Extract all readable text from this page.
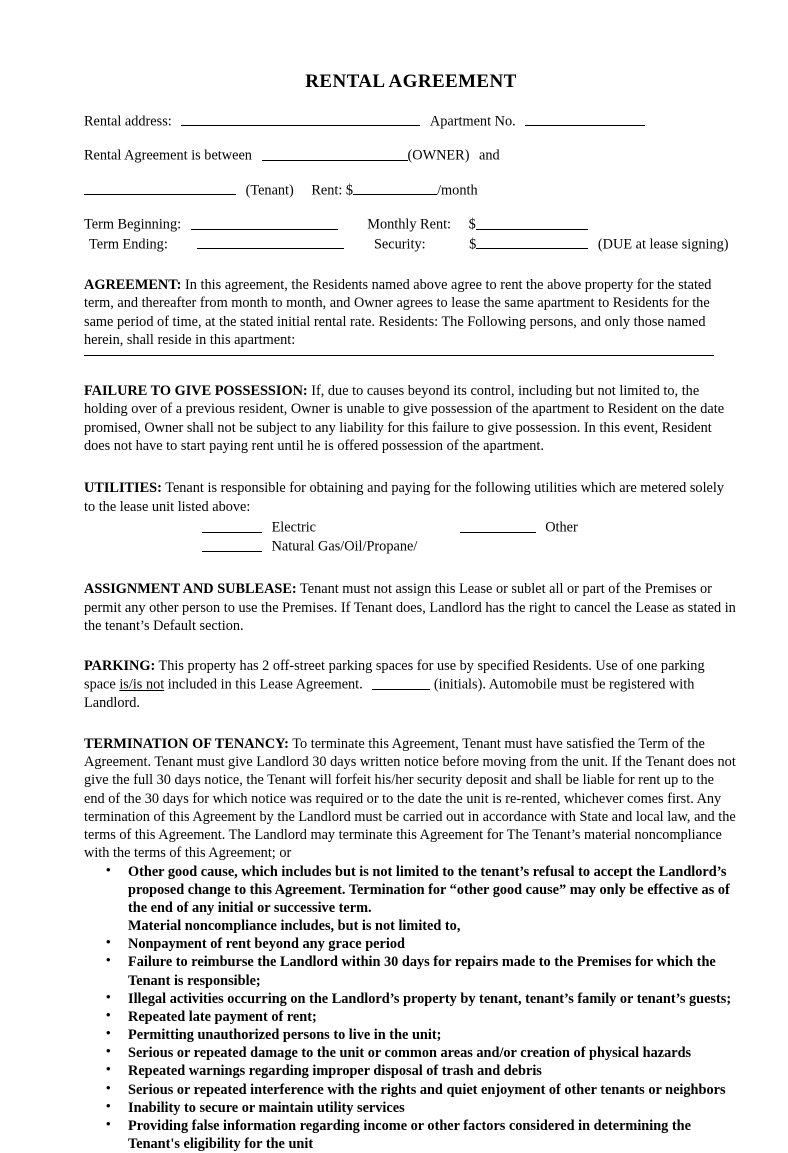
RENTAL AGREEMENT
Rental address:	Apartment No.
Rental Agreement is between	(OWNER) and
(Tenant) Rent: $	/month
Term Beginning:	Monthly Rent: $
Term Ending:	Security:	$	(DUE at lease signing)

AGREEMENT: In this agreement, the Residents named above agree to rent the above property for the stated term, and thereafter from month to month, and Owner agrees to lease the same apartment to Residents for the same period of time, at the stated initial rental rate. Residents: The Following persons, and only those named herein, shall reside in this apartment:

FAILURE TO GIVE POSSESSION: If, due to causes beyond its control, including but not limited to, the holding over of a previous resident, Owner is unable to give possession of the apartment to Resident on the date promised, Owner shall not be subject to any liability for this failure to give possession. In this event, Resident does not have to start paying rent until he is offered possession of the apartment.

UTILITIES: Tenant is responsible for obtaining and paying for the following utilities which are metered solely to the lease unit listed above:

Electric	Other
Natural Gas/Oil/Propane/

ASSIGNMENT AND SUBLEASE: Tenant must not assign this Lease or sublet all or part of the Premises or permit any other person to use the Premises. If Tenant does, Landlord has the right to cancel the Lease as stated in the tenant’s Default section.

PARKING: This property has 2 off-street parking spaces for use by specified Residents. Use of one parking space is/is not included in this Lease Agreement.	(initials). Automobile must be registered with Landlord.

TERMINATION OF TENANCY: To terminate this Agreement, Tenant must have satisfied the Term of the Agreement. Tenant must give Landlord 30 days written notice before moving from the unit. If the Tenant does not give the full 30 days notice, the Tenant will forfeit his/her security deposit and shall be liable for rent up to the end of the 30 days for which notice was required or to the date the unit is re-rented, whichever comes first. Any termination of this Agreement by the Landlord must be carried out in accordance with State and local law, and the terms of this Agreement. The Landlord may terminate this Agreement for The Tenant’s material noncompliance with the terms of this Agreement; or

• Other good cause, which includes but is not limited to the tenant’s refusal to accept the Landlord’s proposed change to this Agreement. Termination for “other good cause” may only be effective as of the end of any initial or successive term.
Material noncompliance includes, but is not limited to,
• Nonpayment of rent beyond any grace period
• Failure to reimburse the Landlord within 30 days for repairs made to the Premises for which the Tenant is responsible;
• Illegal activities occurring on the Landlord’s property by tenant, tenant’s family or tenant’s guests;
• Repeated late payment of rent;
• Permitting unauthorized persons to live in the unit;
• Serious or repeated damage to the unit or common areas and/or creation of physical hazards
• Repeated warnings regarding improper disposal of trash and debris
• Serious or repeated interference with the rights and quiet enjoyment of other tenants or neighbors
• Inability to secure or maintain utility services
• Providing false information regarding income or other factors considered in determining the Tenant's eligibility for the unit
